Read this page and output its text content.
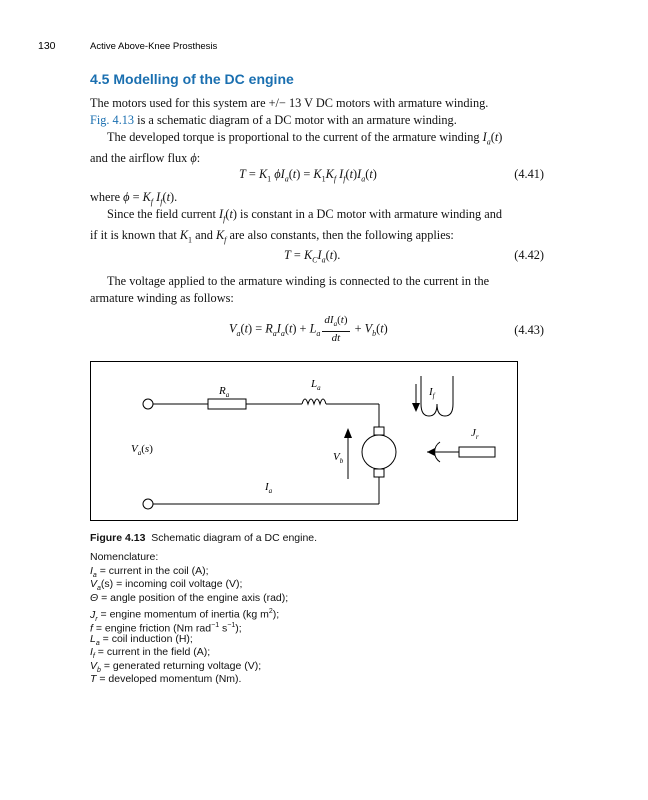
130	Active Above-Knee Prosthesis
4.5 Modelling of the DC engine
The motors used for this system are +/− 13 V DC motors with armature winding.
Fig. 4.13 is a schematic diagram of a DC motor with an armature winding.
The developed torque is proportional to the current of the armature winding $I_a(t)$
and the airflow flux ϕ:
$T = K_1$ $\phi I_a(t) = K_1K_f$ $I_f(t)I_a(t)$	(4.41)
where $\phi = K_f$ $I_f(t)$.
Since the field current $I_f(t)$ is constant in a DC motor with armature winding and
if it is known that $K_1$ and $K_f$ are also constants, then the following applies:
$T = K_CI_a(t)$.	(4.42)
The voltage applied to the armature winding is connected to the current in the
armature winding as follows:
$V_a(t) = R_aI_a(t) + L_a \frac{dI_a(t)}{dt} + V_b(t)$	(4.43)
$R_a$
$L_a$	$I_f$
$J_r$
$V_b$
$I_a$
$V_a(s)$
Figure 4.13 Schematic diagram of a DC engine.
Nomenclature:
$I_a$ = current in the coil (A);
$V_a(s)$ = incoming coil voltage (V);
Θ = angle position of the engine axis (rad);
$J_r$ = engine momentum of inertia (kg $m^2$);
f = engine friction (Nm rad$^{-1}$ $s^{-1}$);
$L_a$ = coil induction (H);
$I_f$ = current in the field (A);
$V_b$ = generated returning voltage (V);
T = developed momentum (Nm).
